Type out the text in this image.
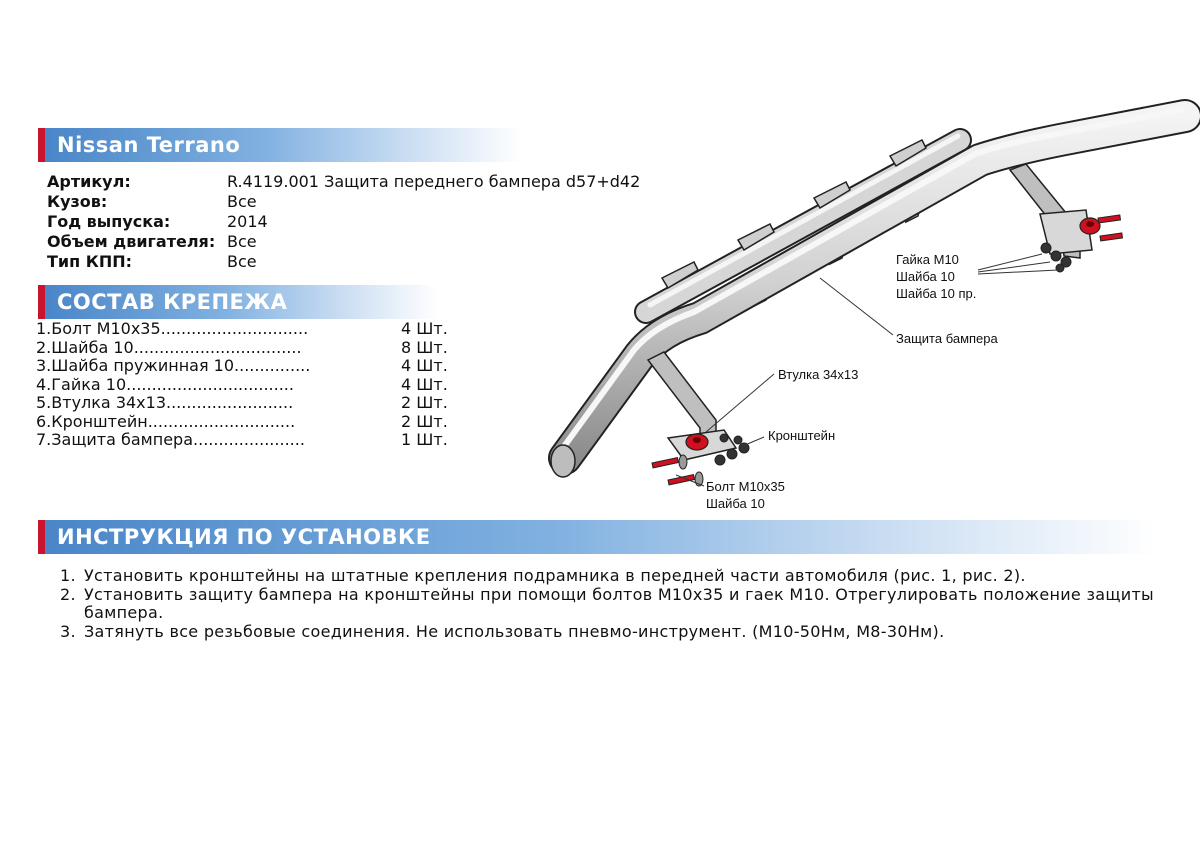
Nissan Terrano
Артикул:	R.4119.001 Защита переднего бампера d57+d42
Кузов:	Все
Год выпуска:	2014
Объем двигателя: Все
Тип КПП:	Все
СОСТАВ КРЕПЕЖА
1.Болт М10х35.............................	4 Шт.
2.Шайба 10.................................	8 Шт.
3.Шайба пружинная 10...............	4 Шт.
4.Гайка 10.................................	4 Шт.
5.Втулка 34х13.........................	2 Шт.
6.Кронштейн.............................	2 Шт.
7.Защита бампера......................	1 Шт.
ИНСТРУКЦИЯ ПО УСТАНОВКЕ
1. Установить кронштейны на штатные крепления подрамника в передней части автомобиля (рис. 1, рис. 2).
2. Установить защиту бампера на кронштейны при помощи болтов М10х35 и гаек М10. Отрегулировать положение защиты бампера.
3. Затянуть все резьбовые соединения. Не использовать пневмо-инструмент. (М10-50Нм, М8-30Нм).
Гайка М10
Шайба 10
Шайба 10 пр.
Защита бампера
Втулка 34х13
Кронштейн
Болт М10х35
Шайба 10
